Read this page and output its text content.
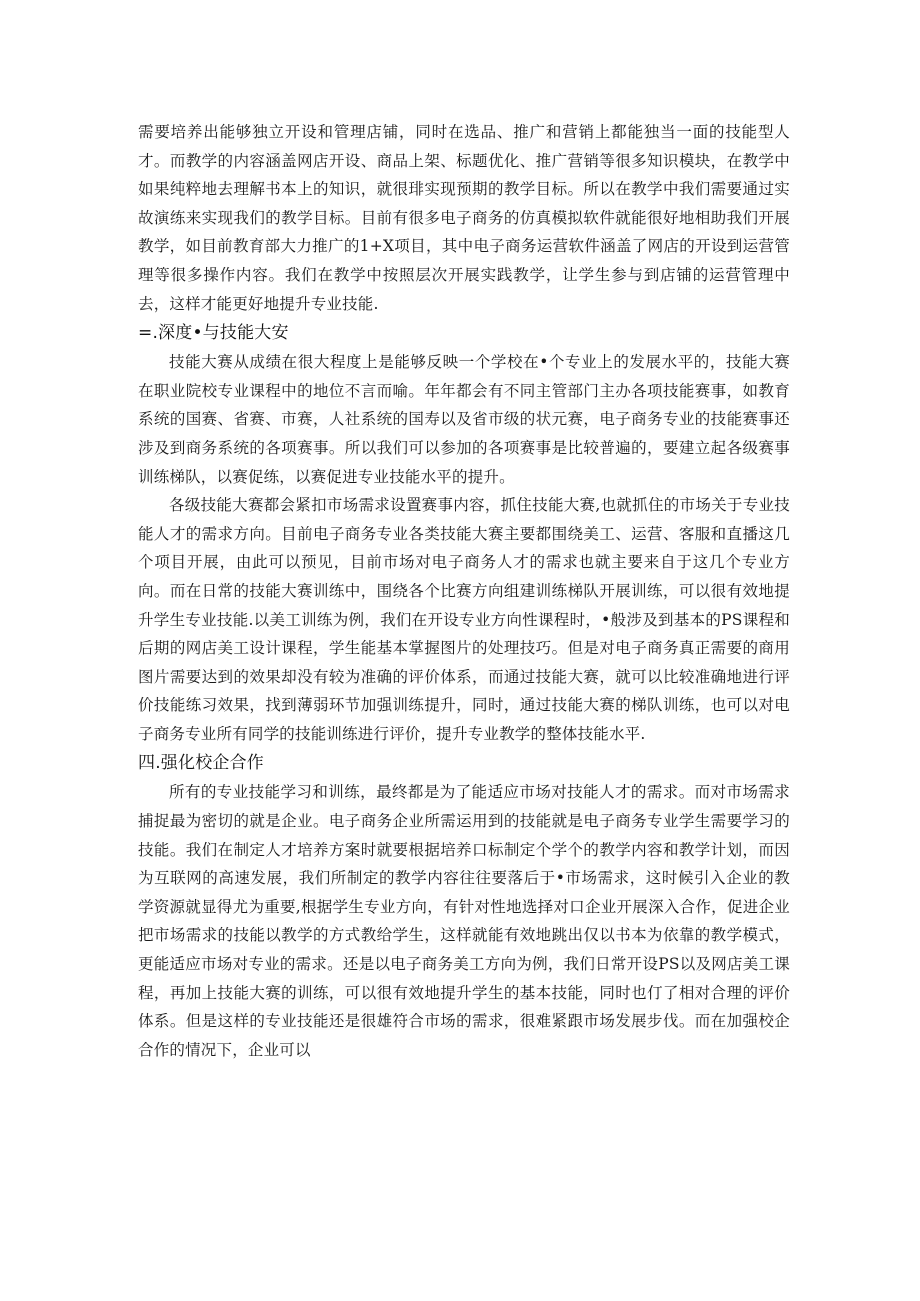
需要培养出能够独立开设和管理店铺，同时在选品、推广和营销上都能独当一面的技能型人才。而教学的内容涵盖网店开设、商品上架、标题优化、推广营销等很多知识模块，在教学中如果纯粹地去理解书本上的知识，就很琲实现预期的教学目标。所以在教学中我们需要通过实故演练来实现我们的教学目标。目前有很多电子商务的仿真模拟软件就能很好地相助我们开展教学，如目前教育部大力推广的1+X项目，其中电子商务运营软件涵盖了网店的开设到运营管理等很多操作内容。我们在教学中按照层次开展实践教学，让学生参与到店铺的运营管理中去，这样才能更好地提升专业技能.

=.深度•与技能大安

技能大赛从成绩在很大程度上是能够反映一个学校在•个专业上的发展水平的，技能大赛在职业院校专业课程中的地位不言而喻。年年都会有不同主管部门主办各项技能赛事，如教育系统的国赛、省赛、市赛，人社系统的国寿以及省市级的状元赛，电子商务专业的技能赛事还涉及到商务系统的各项赛事。所以我们可以参加的各项赛事是比较普遍的，要建立起各级赛事训练梯队，以赛促练，以赛促进专业技能水平的提升。

各级技能大赛都会紧扣市场需求设置赛事内容，抓住技能大赛,也就抓住的市场关于专业技能人才的需求方向。目前电子商务专业各类技能大赛主要都围绕美工、运营、客服和直播这几个项目开展，由此可以预见，目前市场对电子商务人才的需求也就主要来自于这几个专业方向。而在日常的技能大赛训练中，围绕各个比赛方向组建训练梯队开展训练，可以很有效地提升学生专业技能.以美工训练为例，我们在开设专业方向性课程时，•般涉及到基本的PS课程和后期的网店美工设计课程，学生能基本掌握图片的处理技巧。但是对电子商务真正需要的商用图片需要达到的效果却没有较为准确的评价体系，而通过技能大赛，就可以比较准确地进行评价技能练习效果，找到薄弱环节加强训练提升，同时，通过技能大赛的梯队训练，也可以对电子商务专业所有同学的技能训练进行评价，提升专业教学的整体技能水平.

四.强化校企合作

所有的专业技能学习和训练，最终都是为了能适应市场对技能人才的需求。而对市场需求捕捉最为密切的就是企业。电子商务企业所需运用到的技能就是电子商务专业学生需要学习的技能。我们在制定人才培养方案时就要根据培养口标制定个学个的教学内容和教学计划，而因为互联网的高速发展，我们所制定的教学内容往往要落后于•市场需求，这时候引入企业的教学资源就显得尤为重要,根据学生专业方向，有针对性地选择对口企业开展深入合作，促进企业把市场需求的技能以教学的方式教给学生，这样就能有效地跳出仅以书本为依靠的教学模式，更能适应市场对专业的需求。还是以电子商务美工方向为例，我们日常开设PS以及网店美工课程，再加上技能大赛的训练，可以很有效地提升学生的基本技能，同时也仃了相对合理的评价体系。但是这样的专业技能还是很雄符合市场的需求，很难紧跟市场发展步伐。而在加强校企合作的情况下，企业可以
